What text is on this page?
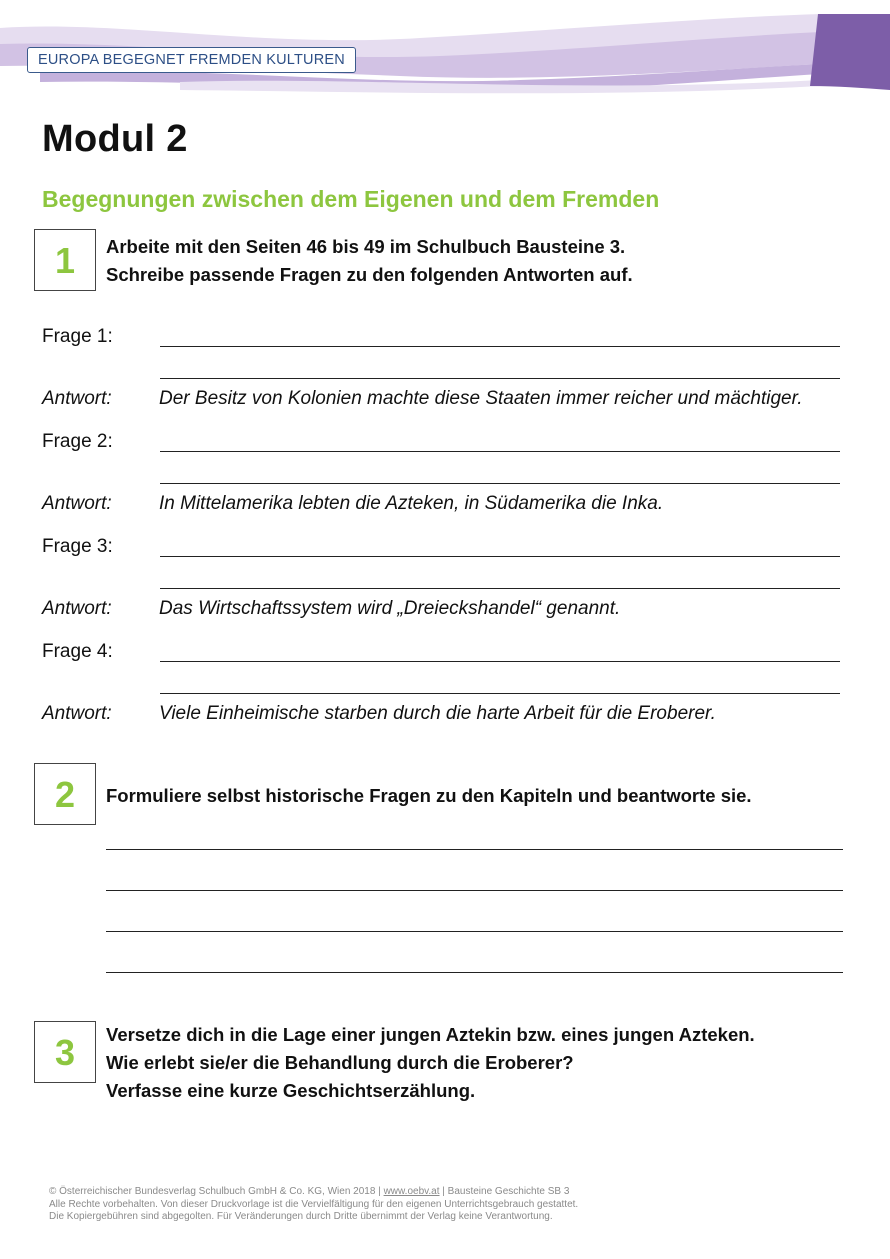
EUROPA BEGEGNET FREMDEN KULTUREN
Modul 2
Begegnungen zwischen dem Eigenen und dem Fremden
1	Arbeite mit den Seiten 46 bis 49 im Schulbuch Bausteine 3.
Schreibe passende Fragen zu den folgenden Antworten auf.
Frage 1:
Antwort: Der Besitz von Kolonien machte diese Staaten immer reicher und mächtiger.
Frage 2:
Antwort: In Mittelamerika lebten die Azteken, in Südamerika die Inka.
Frage 3:
Antwort: Das Wirtschaftssystem wird „Dreieckshandel“ genannt.
Frage 4:
Antwort: Viele Einheimische starben durch die harte Arbeit für die Eroberer.
2	Formuliere selbst historische Fragen zu den Kapiteln und beantworte sie.
3	Versetze dich in die Lage einer jungen Aztekin bzw. eines jungen Azteken.
Wie erlebt sie/er die Behandlung durch die Eroberer?
Verfasse eine kurze Geschichtserzählung.
© Österreichischer Bundesverlag Schulbuch GmbH & Co. KG, Wien 2018 | www.oebv.at | Bausteine Geschichte SB 3
Alle Rechte vorbehalten. Von dieser Druckvorlage ist die Vervielfältigung für den eigenen Unterrichtsgebrauch gestattet.
Die Kopiergebühren sind abgegolten. Für Veränderungen durch Dritte übernimmt der Verlag keine Verantwortung.
